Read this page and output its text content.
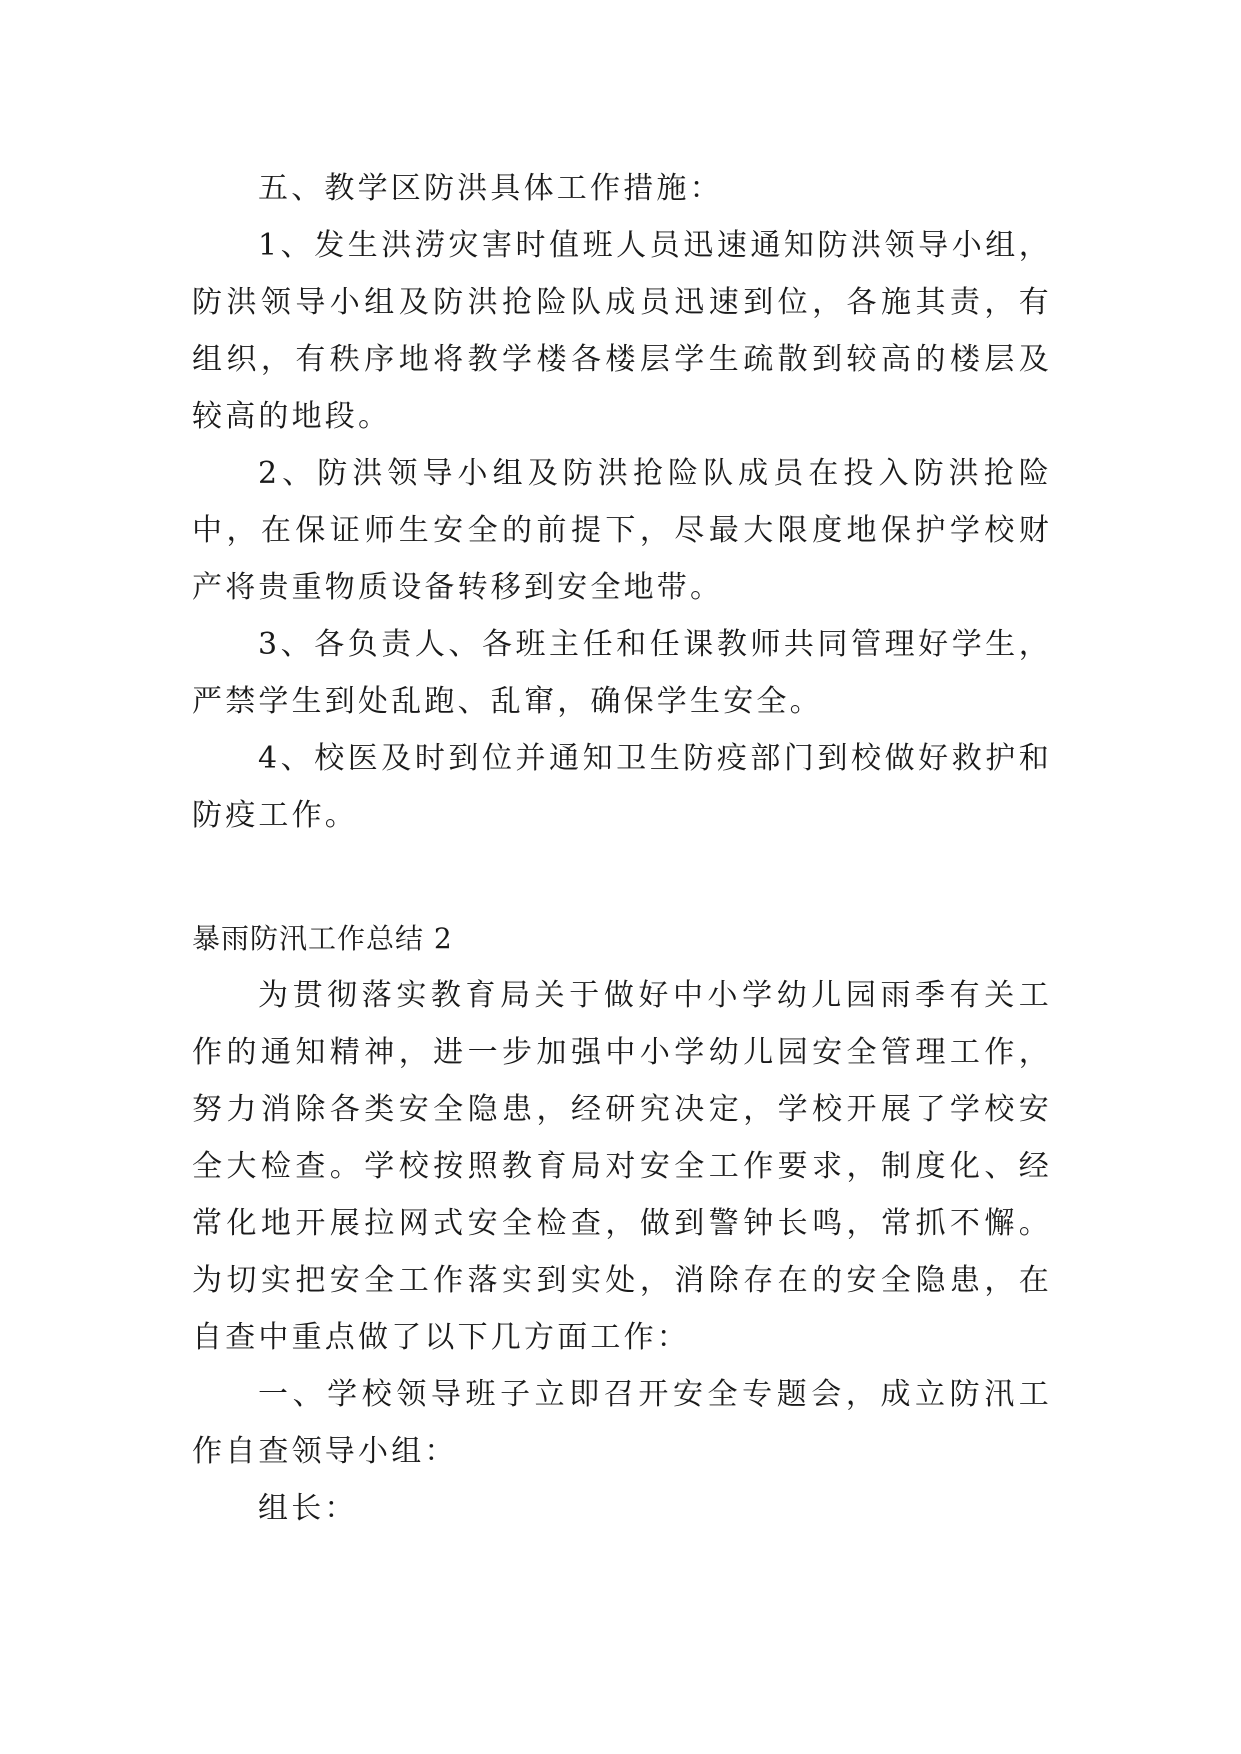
五、教学区防洪具体工作措施：

1、发生洪涝灾害时值班人员迅速通知防洪领导小组，防洪领导小组及防洪抢险队成员迅速到位，各施其责，有组织，有秩序地将教学楼各楼层学生疏散到较高的楼层及较高的地段。

2、防洪领导小组及防洪抢险队成员在投入防洪抢险中，在保证师生安全的前提下，尽最大限度地保护学校财产将贵重物质设备转移到安全地带。

3、各负责人、各班主任和任课教师共同管理好学生，严禁学生到处乱跑、乱窜，确保学生安全。

4、校医及时到位并通知卫生防疫部门到校做好救护和防疫工作。

暴雨防汛工作总结 2

为贯彻落实教育局关于做好中小学幼儿园雨季有关工作的通知精神，进一步加强中小学幼儿园安全管理工作，努力消除各类安全隐患，经研究决定，学校开展了学校安全大检查。学校按照教育局对安全工作要求，制度化、经常化地开展拉网式安全检查，做到警钟长鸣，常抓不懈。为切实把安全工作落实到实处，消除存在的安全隐患，在自查中重点做了以下几方面工作：

一、学校领导班子立即召开安全专题会，成立防汛工作自查领导小组：

组长：
